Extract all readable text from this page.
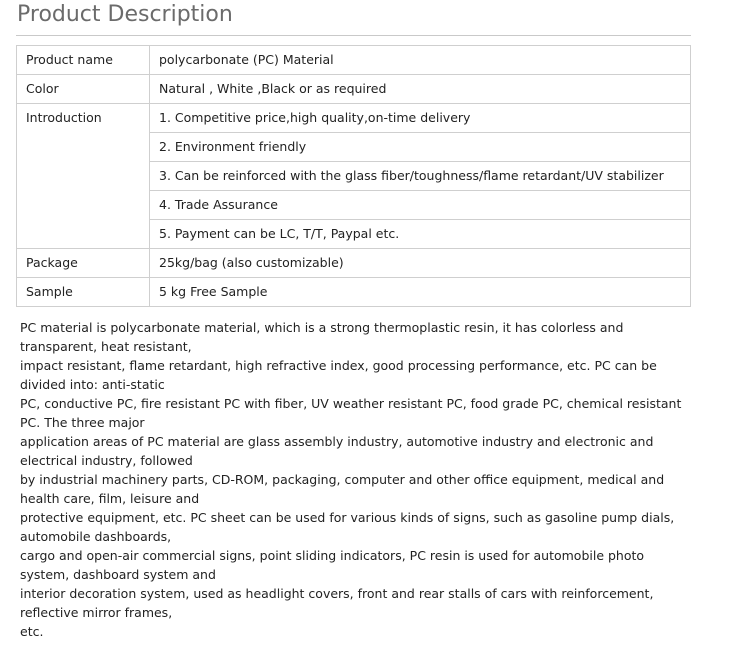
Product Description
Product name	polycarbonate (PC) Material
Color	Natural , White ,Black or as required
Introduction	1. Competitive price,high quality,on-time delivery
	2. Environment friendly
	3. Can be reinforced with the glass fiber/toughness/flame retardant/UV stabilizer
	4. Trade Assurance
	5. Payment can be LC, T/T, Paypal etc.
Package	25kg/bag (also customizable)
Sample	5 kg Free Sample

PC material is polycarbonate material, which is a strong thermoplastic resin, it has colorless and transparent, heat resistant,

impact resistant, flame retardant, high refractive index, good processing performance, etc. PC can be divided into: anti-static

PC, conductive PC, fire resistant PC with fiber, UV weather resistant PC, food grade PC, chemical resistant PC. The three major

application areas of PC material are glass assembly industry, automotive industry and electronic and electrical industry, followed

by industrial machinery parts, CD-ROM, packaging, computer and other office equipment, medical and health care, film, leisure and

protective equipment, etc. PC sheet can be used for various kinds of signs, such as gasoline pump dials, automobile dashboards,

cargo and open-air commercial signs, point sliding indicators, PC resin is used for automobile photo system, dashboard system and

interior decoration system, used as headlight covers, front and rear stalls of cars with reinforcement, reflective mirror frames,

etc.
